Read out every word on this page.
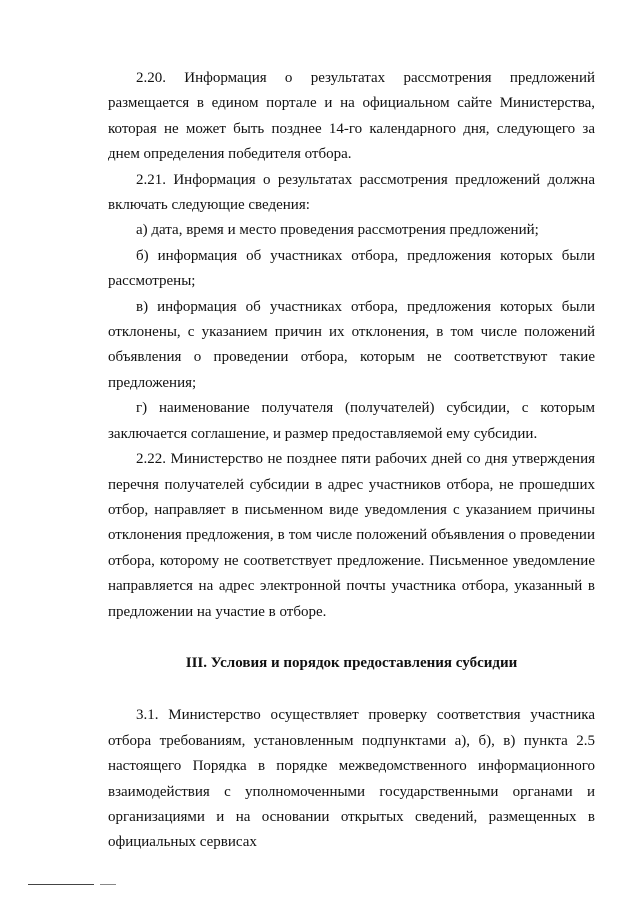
2.20. Информация о результатах рассмотрения предложений размещается в едином портале и на официальном сайте Министерства, которая не может быть позднее 14-го календарного дня, следующего за днем определения победителя отбора.

2.21. Информация о результатах рассмотрения предложений должна включать следующие сведения:

а) дата, время и место проведения рассмотрения предложений;

б) информация об участниках отбора, предложения которых были рассмотрены;

в) информация об участниках отбора, предложения которых были отклонены, с указанием причин их отклонения, в том числе положений объявления о проведении отбора, которым не соответствуют такие предложения;

г) наименование получателя (получателей) субсидии, с которым заключается соглашение, и размер предоставляемой ему субсидии.

2.22. Министерство не позднее пяти рабочих дней со дня утверждения перечня получателей субсидии в адрес участников отбора, не прошедших отбор, направляет в письменном виде уведомления с указанием причины отклонения предложения, в том числе положений объявления о проведении отбора, которому не соответствует предложение. Письменное уведомление направляется на адрес электронной почты участника отбора, указанный в предложении на участие в отборе.

III. Условия и порядок предоставления субсидии

3.1. Министерство осуществляет проверку соответствия участника отбора требованиям, установленным подпунктами а), б), в) пункта 2.5 настоящего Порядка в порядке межведомственного информационного взаимодействия с уполномоченными государственными органами и организациями и на основании открытых сведений, размещенных в официальных сервисах
